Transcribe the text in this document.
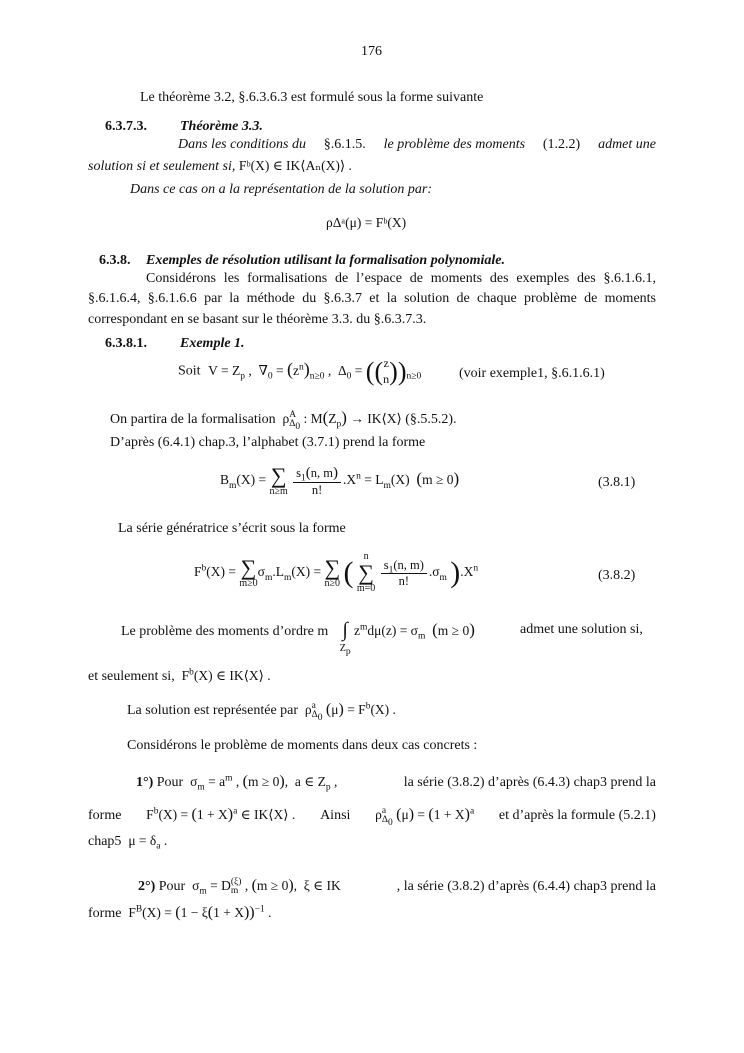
176
Le théorème 3.2, §.6.3.6.3 est formulé sous la forme suivante
6.3.7.3. Théorème 3.3.
Dans les conditions du §.6.1.5. le problème des moments (1.2.2) admet une
solution si et seulement si, Fᵇ(X) ∈ IK⟨Aₙ(X)⟩ .
Dans ce cas on a la représentation de la solution par:
ρΔᵃ(μ) = Fᵇ(X)
6.3.8. Exemples de résolution utilisant la formalisation polynomiale.
Considérons les formalisations de l’espace de moments des exemples des §.6.1.6.1, §.6.1.6.4, §.6.1.6.6 par la méthode du §.6.3.7 et la solution de chaque problème de moments correspondant en se basant sur le théorème 3.3. du §.6.3.7.3.
6.3.8.1. Exemple 1.
Soit $V = Z_p$ ,  $\nabla_0 = (z^n)_{n\ge 0}$ ,  $\Delta_0 = ((z$
$n))_{n\ge 0}$	(voir exemple1, §.6.1.6.1)
On partira de la formalisation  ρA
$\Delta_0$ : $M(Z_p)$ → IK⟨X⟩ (§.5.5.2).
D’après (6.4.1) chap.3, l’alphabet (3.7.1) prend la forme
$B_m(X)$ = ∑
n≥m
$\frac{s_1(n, m)}{n!} .X^n = L_m(X) (m \ge 0)$	(3.8.1)
La série génératrice s’écrit sous la forme
$F^b(X)$ = ∑
m≥0
$\sigma_m.L_m(X)$ = ∑
n≥0 (	n
∑
m=0
$\frac{s_1(n, m)}{n!} .\sigma_m$ )$.X^n$	(3.8.2)
Le problème des moments d’ordre m ∫
$Z_p$ $z^md\mu(z) = \sigma_m$ (m ≥ 0)	admet une solution si,
et seulement si,  $F^b(X)$ ∈ IK⟨X⟩ .
La solution est représentée par  ρa
$\Delta_0$ $(\mu) = F^b(X)$ .
Considérons le problème de moments dans deux cas concrets :
1°) Pour  $\sigma_m = a^m$ , (m ≥ 0),  a ∈ $Z_p$ ,	la série (3.8.2) d’après (6.4.3) chap3 prend la
forme $F^b(X) = (1 + X)^a$ ∈ IK⟨X⟩ . Ainsi ρa
$\Delta_0$ $(\mu) = (1 + X)^a$ et d’après la formule (5.2.1)
chap5  $\mu = \delta_a$ .
2°) Pour  $\sigma_m = D(\xi)$
m , (m ≥ 0),  ξ ∈ IK	, la série (3.8.2) d’après (6.4.4) chap3 prend la
forme  $F^B(X) = (1 - \xi(1 + X))^{-1}$ .
